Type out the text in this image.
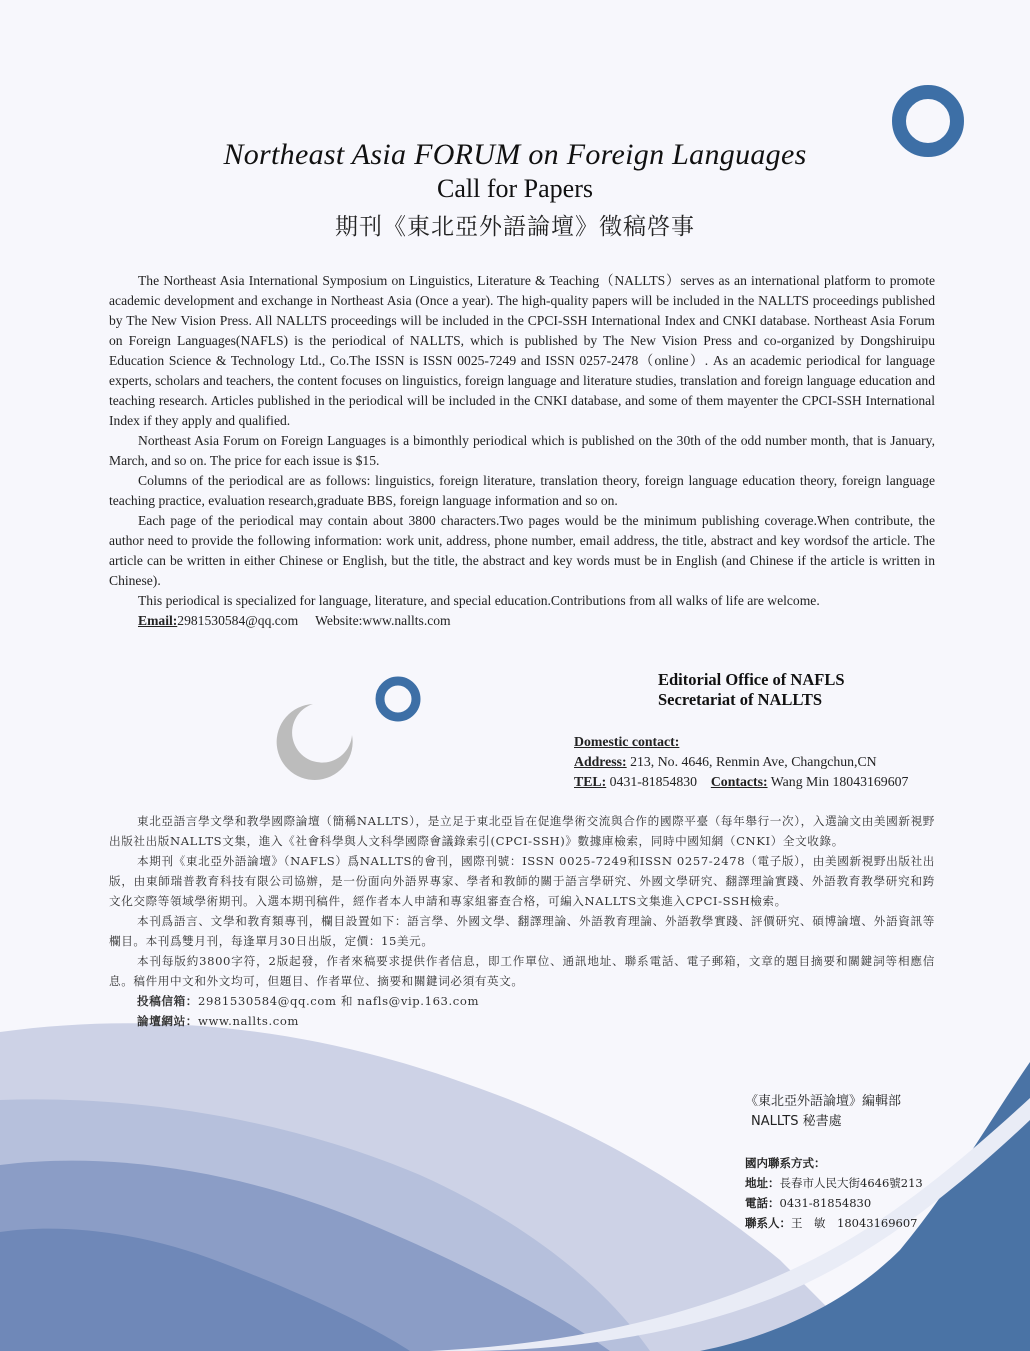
Northeast Asia FORUM on Foreign Languages
Call for Papers
期刊《東北亞外語論壇》徵稿啓事

The Northeast Asia International Symposium on Linguistics, Literature & Teaching（NALLTS）serves as an international platform to promote academic development and exchange in Northeast Asia (Once a year). The high-quality papers will be included in the NALLTS proceedings published by The New Vision Press. All NALLTS proceedings will be included in the CPCI-SSH International Index and CNKI database. Northeast Asia Forum on Foreign Languages(NAFLS) is the periodical of NALLTS, which is published by The New Vision Press and co-organized by Dongshiruipu Education Science & Technology Ltd., Co.The ISSN is ISSN 0025-7249 and ISSN 0257-2478（online）. As an academic periodical for language experts, scholars and teachers, the content focuses on linguistics, foreign language and literature studies, translation and foreign language education and teaching research. Articles published in the periodical will be included in the CNKI database, and some of them mayenter the CPCI-SSH International Index if they apply and qualified.

Northeast Asia Forum on Foreign Languages is a bimonthly periodical which is published on the 30th of the odd number month, that is January, March, and so on. The price for each issue is $15.

Columns of the periodical are as follows: linguistics, foreign literature, translation theory, foreign language education theory, foreign language teaching practice, evaluation research,graduate BBS, foreign language information and so on.

Each page of the periodical may contain about 3800 characters.Two pages would be the minimum publishing coverage.When contribute, the author need to provide the following information: work unit, address, phone number, email address, the title, abstract and key wordsof the article. The article can be written in either Chinese or English, but the title, the abstract and key words must be in English (and Chinese if the article is written in Chinese).

This periodical is specialized for language, literature, and special education.Contributions from all walks of life are welcome.

Email:2981530584@qq.com Website:www.nallts.com
Editorial Office of NAFLS
Secretariat of NALLTS
Domestic contact:
Address: 213, No. 4646, Renmin Ave, Changchun,CN
TEL: 0431-81854830 Contacts: Wang Min 18043169607

東北亞語言學文學和教學國際論壇（簡稱NALLTS），是立足于東北亞旨在促進學術交流與合作的國際平臺（每年舉行一次），入選論文由美國新視野出版社出版NALLTS文集，進入《社會科學與人文科學國際會議錄索引(CPCI-SSH)》數據庫檢索，同時中國知網（CNKI）全文收錄。

本期刊《東北亞外語論壇》（NAFLS）爲NALLTS的會刊，國際刊號：ISSN 0025-7249和ISSN 0257-2478（電子版），由美國新視野出版社出版，由東師瑞普教育科技有限公司協辦，是一份面向外語界專家、學者和教師的關于語言學研究、外國文學研究、翻譯理論實踐、外語教育教學研究和跨文化交際等領域學術期刊。入選本期刊稿件，經作者本人申請和專家組審查合格，可編入NALLTS文集進入CPCI-SSH檢索。

本刊爲語言、文學和教育類專刊，欄目設置如下：語言學、外國文學、翻譯理論、外語教育理論、外語教學實踐、評價研究、碩博論壇、外語資訊等欄目。本刊爲雙月刊，每逢單月30日出版，定價：15美元。

本刊每版約3800字符，2版起發，作者來稿要求提供作者信息，即工作單位、通訊地址、聯系電話、電子郵箱，文章的題目摘要和關鍵詞等相應信息。稿件用中文和外文均可，但題目、作者單位、摘要和關鍵词必須有英文。

投稿信箱：2981530584@qq.com 和 nafls@vip.163.com
論壇網站：www.nallts.com
《東北亞外語論壇》編輯部
NALLTS 秘書處
國内聯系方式：
地址：長春市人民大街4646號213
電話：0431-81854830
聯系人：王　敏　18043169607
